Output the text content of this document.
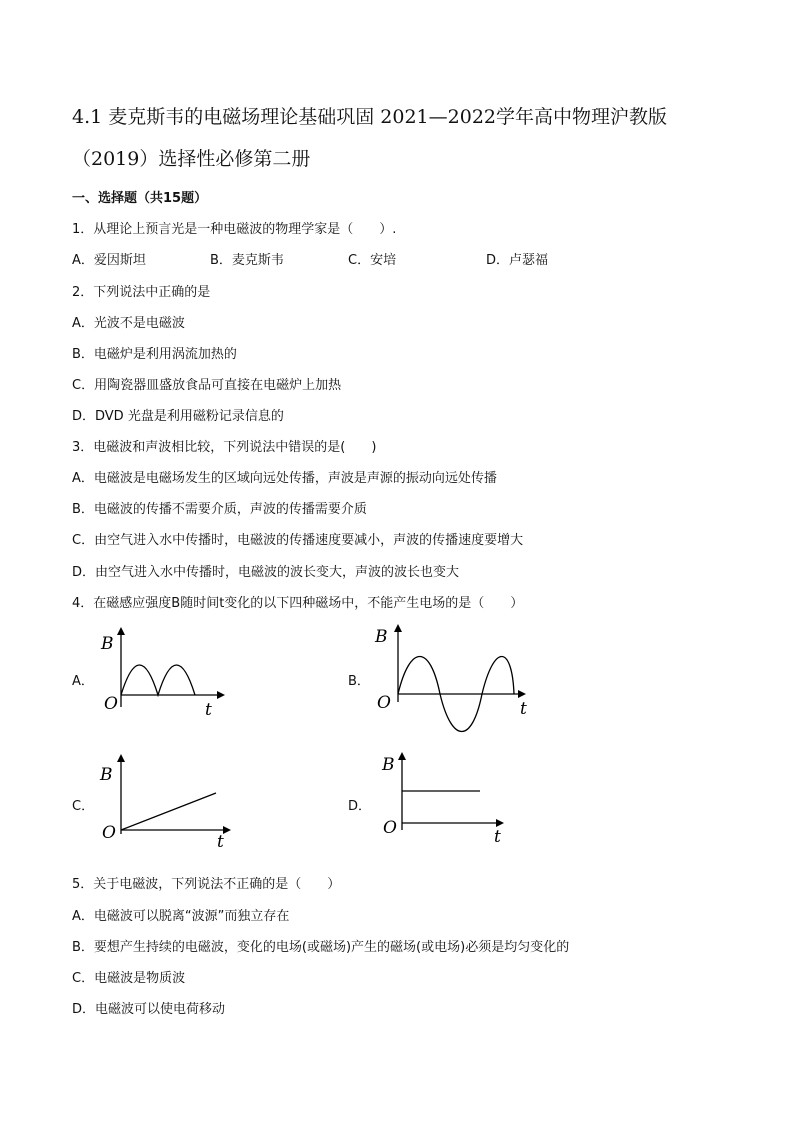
4.1 麦克斯韦的电磁场理论基础巩固 2021—2022学年高中物理沪教版
（2019）选择性必修第二册
一、选择题（共15题）
1．从理论上预言光是一种电磁波的物理学家是（　　）.
A．爱因斯坦	B．麦克斯韦	C．安培	D．卢瑟福
2．下列说法中正确的是
A．光波不是电磁波
B．电磁炉是利用涡流加热的
C．用陶瓷器皿盛放食品可直接在电磁炉上加热
D．DVD 光盘是利用磁粉记录信息的
3．电磁波和声波相比较，下列说法中错误的是(　　)
A．电磁波是电磁场发生的区域向远处传播，声波是声源的振动向远处传播
B．电磁波的传播不需要介质，声波的传播需要介质
C．由空气进入水中传播时，电磁波的传播速度要减小，声波的传播速度要增大
D．由空气进入水中传播时，电磁波的波长变大，声波的波长也变大
4．在磁感应强度B随时间t变化的以下四种磁场中，不能产生电场的是（　　）
A．
B
O	t
B．
B
O	t
C．
B
O	t
D．
B
O	t
5．关于电磁波，下列说法不正确的是（　　）
A．电磁波可以脱离“波源”而独立存在
B．要想产生持续的电磁波，变化的电场(或磁场)产生的磁场(或电场)必须是均匀变化的
C．电磁波是物质波
D．电磁波可以使电荷移动
